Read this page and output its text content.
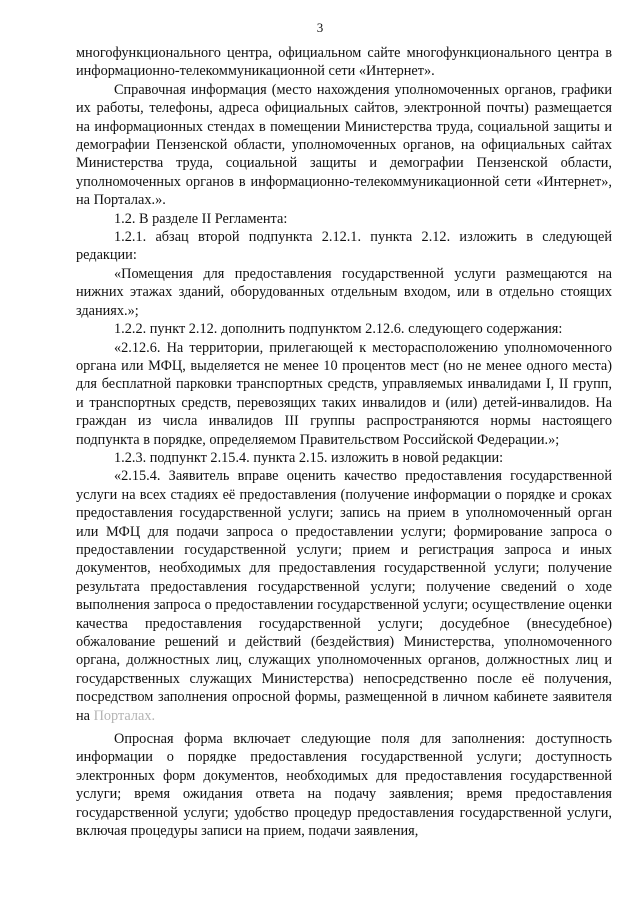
3

многофункционального центра, официальном сайте многофункционального центра в информационно-телекоммуникационной сети «Интернет».

Справочная информация (место нахождения уполномоченных органов, графики их работы, телефоны, адреса официальных сайтов, электронной почты) размещается на информационных стендах в помещении Министерства труда, социальной защиты и демографии Пензенской области, уполномоченных органов, на официальных сайтах Министерства труда, социальной защиты и демографии Пензенской области, уполномоченных органов в информационно-телекоммуникационной сети «Интернет», на Порталах.».

1.2. В разделе II Регламента:

1.2.1. абзац второй подпункта 2.12.1. пункта 2.12. изложить в следующей редакции:

«Помещения для предоставления государственной услуги размещаются на нижних этажах зданий, оборудованных отдельным входом, или в отдельно стоящих зданиях.»;

1.2.2. пункт 2.12. дополнить подпунктом 2.12.6. следующего содержания:

«2.12.6. На территории, прилегающей к месторасположению уполномоченного органа или МФЦ, выделяется не менее 10 процентов мест (но не менее одного места) для бесплатной парковки транспортных средств, управляемых инвалидами I, II групп, и транспортных средств, перевозящих таких инвалидов и (или) детей-инвалидов. На граждан из числа инвалидов III группы распространяются нормы настоящего подпункта в порядке, определяемом Правительством Российской Федерации.»;

1.2.3. подпункт 2.15.4. пункта 2.15. изложить в новой редакции:

«2.15.4. Заявитель вправе оценить качество предоставления государственной услуги на всех стадиях её предоставления (получение информации о порядке и сроках предоставления государственной услуги; запись на прием в уполномоченный орган или МФЦ для подачи запроса о предоставлении услуги; формирование запроса о предоставлении государственной услуги; прием и регистрация запроса и иных документов, необходимых для предоставления государственной услуги; получение результата предоставления государственной услуги; получение сведений о ходе выполнения запроса о предоставлении государственной услуги; осуществление оценки качества предоставления государственной услуги; досудебное (внесудебное) обжалование решений и действий (бездействия) Министерства, уполномоченного органа, должностных лиц, служащих уполномоченных органов, должностных лиц и государственных служащих Министерства) непосредственно после её получения, посредством заполнения опросной формы, размещенной в личном кабинете заявителя на Порталах.

Опросная форма включает следующие поля для заполнения: доступность информации о порядке предоставления государственной услуги; доступность электронных форм документов, необходимых для предоставления государственной услуги; время ожидания ответа на подачу заявления; время предоставления государственной услуги; удобство процедур предоставления государственной услуги, включая процедуры записи на прием, подачи заявления,
